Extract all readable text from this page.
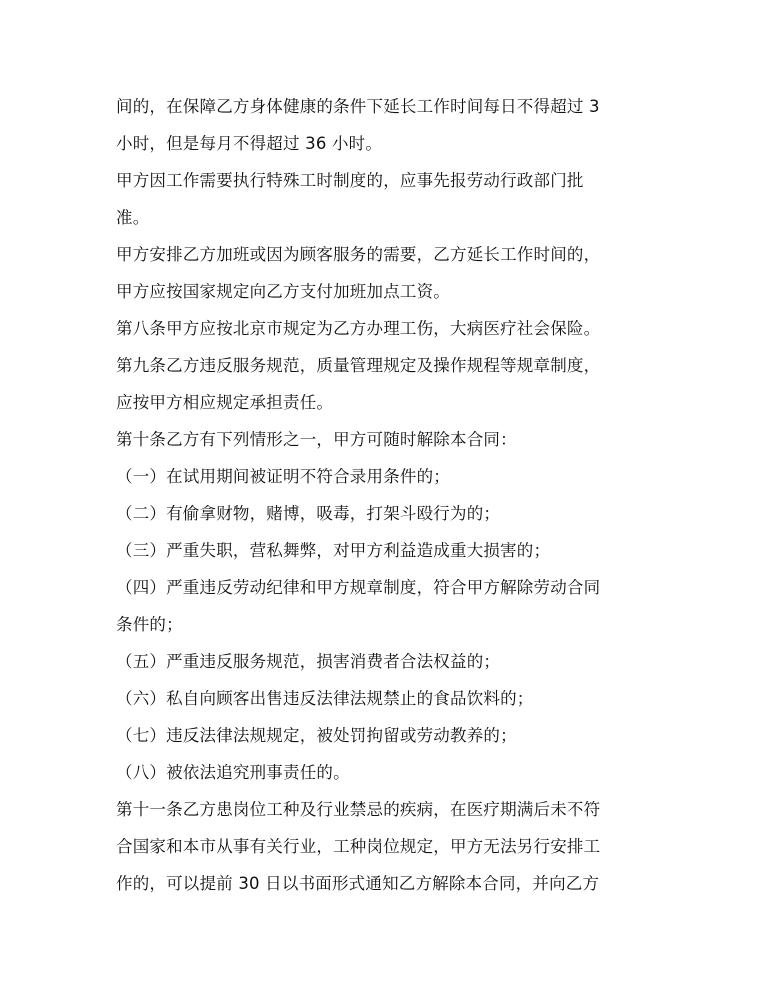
间的，在保障乙方身体健康的条件下延长工作时间每日不得超过 3
小时，但是每月不得超过 36 小时。
甲方因工作需要执行特殊工时制度的，应事先报劳动行政部门批
准。
甲方安排乙方加班或因为顾客服务的需要，乙方延长工作时间的，
甲方应按国家规定向乙方支付加班加点工资。
第八条甲方应按北京市规定为乙方办理工伤，大病医疗社会保险。
第九条乙方违反服务规范，质量管理规定及操作规程等规章制度，
应按甲方相应规定承担责任。
第十条乙方有下列情形之一，甲方可随时解除本合同：
（一）在试用期间被证明不符合录用条件的；
（二）有偷拿财物，赌博，吸毒，打架斗殴行为的；
（三）严重失职，营私舞弊，对甲方利益造成重大损害的；
（四）严重违反劳动纪律和甲方规章制度，符合甲方解除劳动合同
条件的；
（五）严重违反服务规范，损害消费者合法权益的；
（六）私自向顾客出售违反法律法规禁止的食品饮料的；
（七）违反法律法规规定，被处罚拘留或劳动教养的；
（八）被依法追究刑事责任的。
第十一条乙方患岗位工种及行业禁忌的疾病，在医疗期满后未不符
合国家和本市从事有关行业，工种岗位规定，甲方无法另行安排工
作的，可以提前 30 日以书面形式通知乙方解除本合同，并向乙方
